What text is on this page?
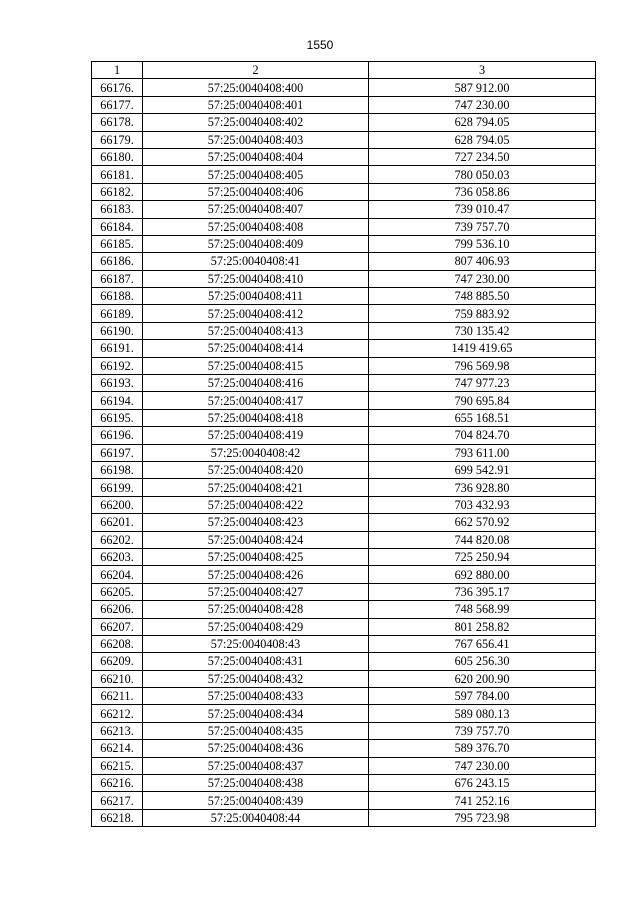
1550
1	2	3
66176.	57:25:0040408:400	587 912.00
66177.	57:25:0040408:401	747 230.00
66178.	57:25:0040408:402	628 794.05
66179.	57:25:0040408:403	628 794.05
66180.	57:25:0040408:404	727 234.50
66181.	57:25:0040408:405	780 050.03
66182.	57:25:0040408:406	736 058.86
66183.	57:25:0040408:407	739 010.47
66184.	57:25:0040408:408	739 757.70
66185.	57:25:0040408:409	799 536.10
66186.	57:25:0040408:41	807 406.93
66187.	57:25:0040408:410	747 230.00
66188.	57:25:0040408:411	748 885.50
66189.	57:25:0040408:412	759 883.92
66190.	57:25:0040408:413	730 135.42
66191.	57:25:0040408:414	1419 419.65
66192.	57:25:0040408:415	796 569.98
66193.	57:25:0040408:416	747 977.23
66194.	57:25:0040408:417	790 695.84
66195.	57:25:0040408:418	655 168.51
66196.	57:25:0040408:419	704 824.70
66197.	57:25:0040408:42	793 611.00
66198.	57:25:0040408:420	699 542.91
66199.	57:25:0040408:421	736 928.80
66200.	57:25:0040408:422	703 432.93
66201.	57:25:0040408:423	662 570.92
66202.	57:25:0040408:424	744 820.08
66203.	57:25:0040408:425	725 250.94
66204.	57:25:0040408:426	692 880.00
66205.	57:25:0040408:427	736 395.17
66206.	57:25:0040408:428	748 568.99
66207.	57:25:0040408:429	801 258.82
66208.	57:25:0040408:43	767 656.41
66209.	57:25:0040408:431	605 256.30
66210.	57:25:0040408:432	620 200.90
66211.	57:25:0040408:433	597 784.00
66212.	57:25:0040408:434	589 080.13
66213.	57:25:0040408:435	739 757.70
66214.	57:25:0040408:436	589 376.70
66215.	57:25:0040408:437	747 230.00
66216.	57:25:0040408:438	676 243.15
66217.	57:25:0040408:439	741 252.16
66218.	57:25:0040408:44	795 723.98
